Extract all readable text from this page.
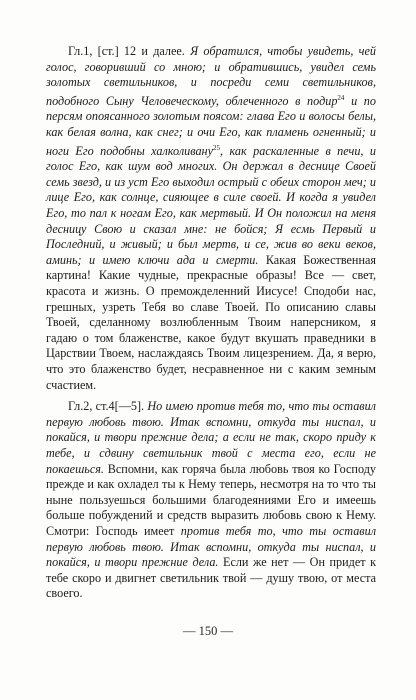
Гл.1, [ст.] 12 и далее. Я обратился, чтобы увидеть, чей голос, говоривший со мною; и обратившись, увидел семь золотых светильников, и посреди семи светильников, подобного Сыну Человеческому, облеченного в подир$^{24}$ и по персям опоясанного золотым поясом: глава Его и волосы белы, как белая волна, как снег; и очи Его, как пламень огненный; и ноги Его подобны халколивану$^{25}$, как раскаленные в печи, и голос Его, как шум вод многих. Он держал в деснице Своей семь звезд, и из уст Его выходил острый с обеих сторон меч; и лице Его, как солнце, сияющее в силе своей. И когда я увидел Его, то пал к ногам Его, как мертвый. И Он положил на меня десницу Свою и сказал мне: не бойся; Я есмь Первый и Последний, и живый; и был мертв, и се, жив во веки веков, аминь; и имею ключи ада и смерти. Какая Божественная картина! Какие чудные, прекрасные образы! Все — свет, красота и жизнь. О преможделенний Иисусе! Сподоби нас, грешных, узреть Тебя во славе Твоей. По описанию славы Твоей, сделанному возлюбленным Твоим наперсником, я гадаю о том блаженстве, какое будут вкушать праведники в Царствии Твоем, наслаждаясь Твоим лицезрением. Да, я верю, что это блаженство будет, несравненное ни с каким земным счастием.

Гл.2, ст.4[—5]. Но имею против тебя то, что ты оставил первую любовь твою. Итак вспомни, откуда ты ниспал, и покайся, и твори прежние дела; а если не так, скоро приду к тебе, и сдвину светильник твой с места его, если не покаешься. Вспомни, как горяча была любовь твоя ко Господу прежде и как охладел ты к Нему теперь, несмотря на то что ты ныне пользуешься большими благодеяниями Его и имеешь больше побуждений и средств выразить любовь свою к Нему. Смотри: Господь имеет против тебя то, что ты оставил первую любовь твою. Итак вспомни, откуда ты ниспал, и покайся, и твори прежние дела. Если же нет — Он придет к тебе скоро и двигнет светильник твой — душу твою, от места своего.

— 150 —
